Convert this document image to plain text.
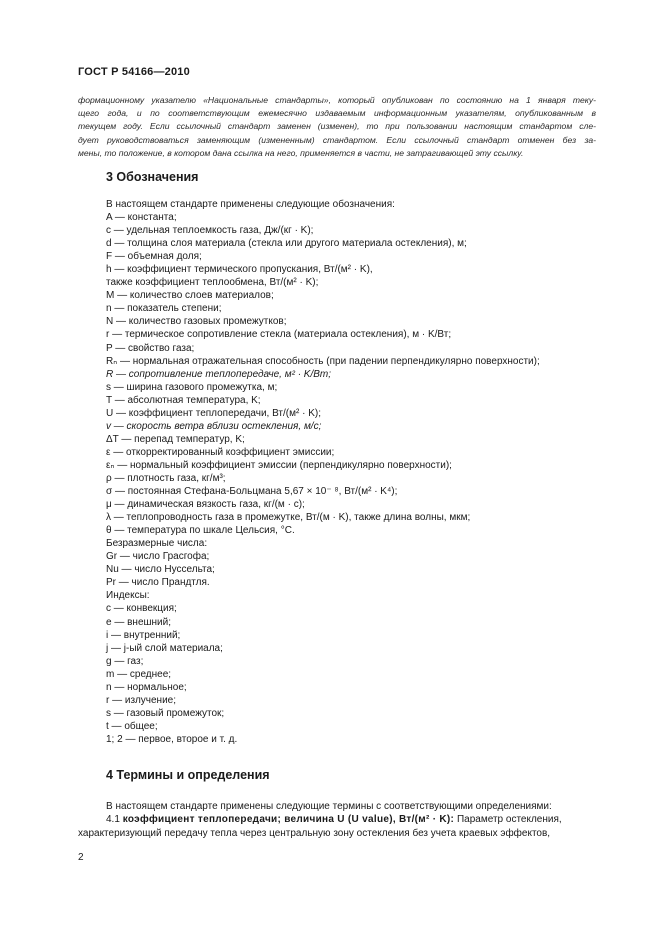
ГОСТ Р 54166—2010

формационному указателю «Национальные стандарты», который опубликован по состоянию на 1 января теку-

щего года, и по соответствующим ежемесячно издаваемым информационным указателям, опубликованным в

текущем году. Если ссылочный стандарт заменен (изменен), то при пользовании настоящим стандартом сле-

дует руководствоваться заменяющим (измененным) стандартом. Если ссылочный стандарт отменен без за-

мены, то положение, в котором дана ссылка на него, применяется в части, не затрагивающей эту ссылку.

3 Обозначения
В настоящем стандарте применены следующие обозначения:
A — константа;
c — удельная теплоемкость газа, Дж/(кг · K);
d — толщина слоя материала (стекла или другого материала остекления), м;
F — объемная доля;
h — коэффициент термического пропускания, Вт/(м² · K),
также коэффициент теплообмена, Вт/(м² · K);
M — количество слоев материалов;
n — показатель степени;
N — количество газовых промежутков;
r — термическое сопротивление стекла (материала остекления), м · K/Вт;
P — свойство газа;
Rₙ — нормальная отражательная способность (при падении перпендикулярно поверхности);
R — сопротивление теплопередаче, м² · K/Вт;
s — ширина газового промежутка, м;
T — абсолютная температура, K;
U — коэффициент теплопередачи, Вт/(м² · K);
v — скорость ветра вблизи остекления, м/с;
ΔT — перепад температур, K;
ε — откорректированный коэффициент эмиссии;
εₙ — нормальный коэффициент эмиссии (перпендикулярно поверхности);
ρ — плотность газа, кг/м³;
σ — постоянная Стефана-Больцмана 5,67 × 10⁻ ⁸, Вт/(м² · K⁴);
μ — динамическая вязкость газа, кг/(м · с);
λ — теплопроводность газа в промежутке, Вт/(м · K), также длина волны, мкм;
θ — температура по шкале Цельсия, °C.
Безразмерные числа:
Gr — число Грасгофа;
Nu — число Нуссельта;
Pr — число Прандтля.
Индексы:
c — конвекция;
e — внешний;
i — внутренний;
j — j-ый слой материала;
g — газ;
m — среднее;
n — нормальное;
r — излучение;
s — газовый промежуток;
t — общее;
1; 2 — первое, второе и т. д.
4 Термины и определения
В настоящем стандарте применены следующие термины с соответствующими определениями:
4.1 коэффициент теплопередачи; величина U (U value), Вт/(м² · K): Параметр остекления,
характеризующий передачу тепла через центральную зону остекления без учета краевых эффектов,
2
